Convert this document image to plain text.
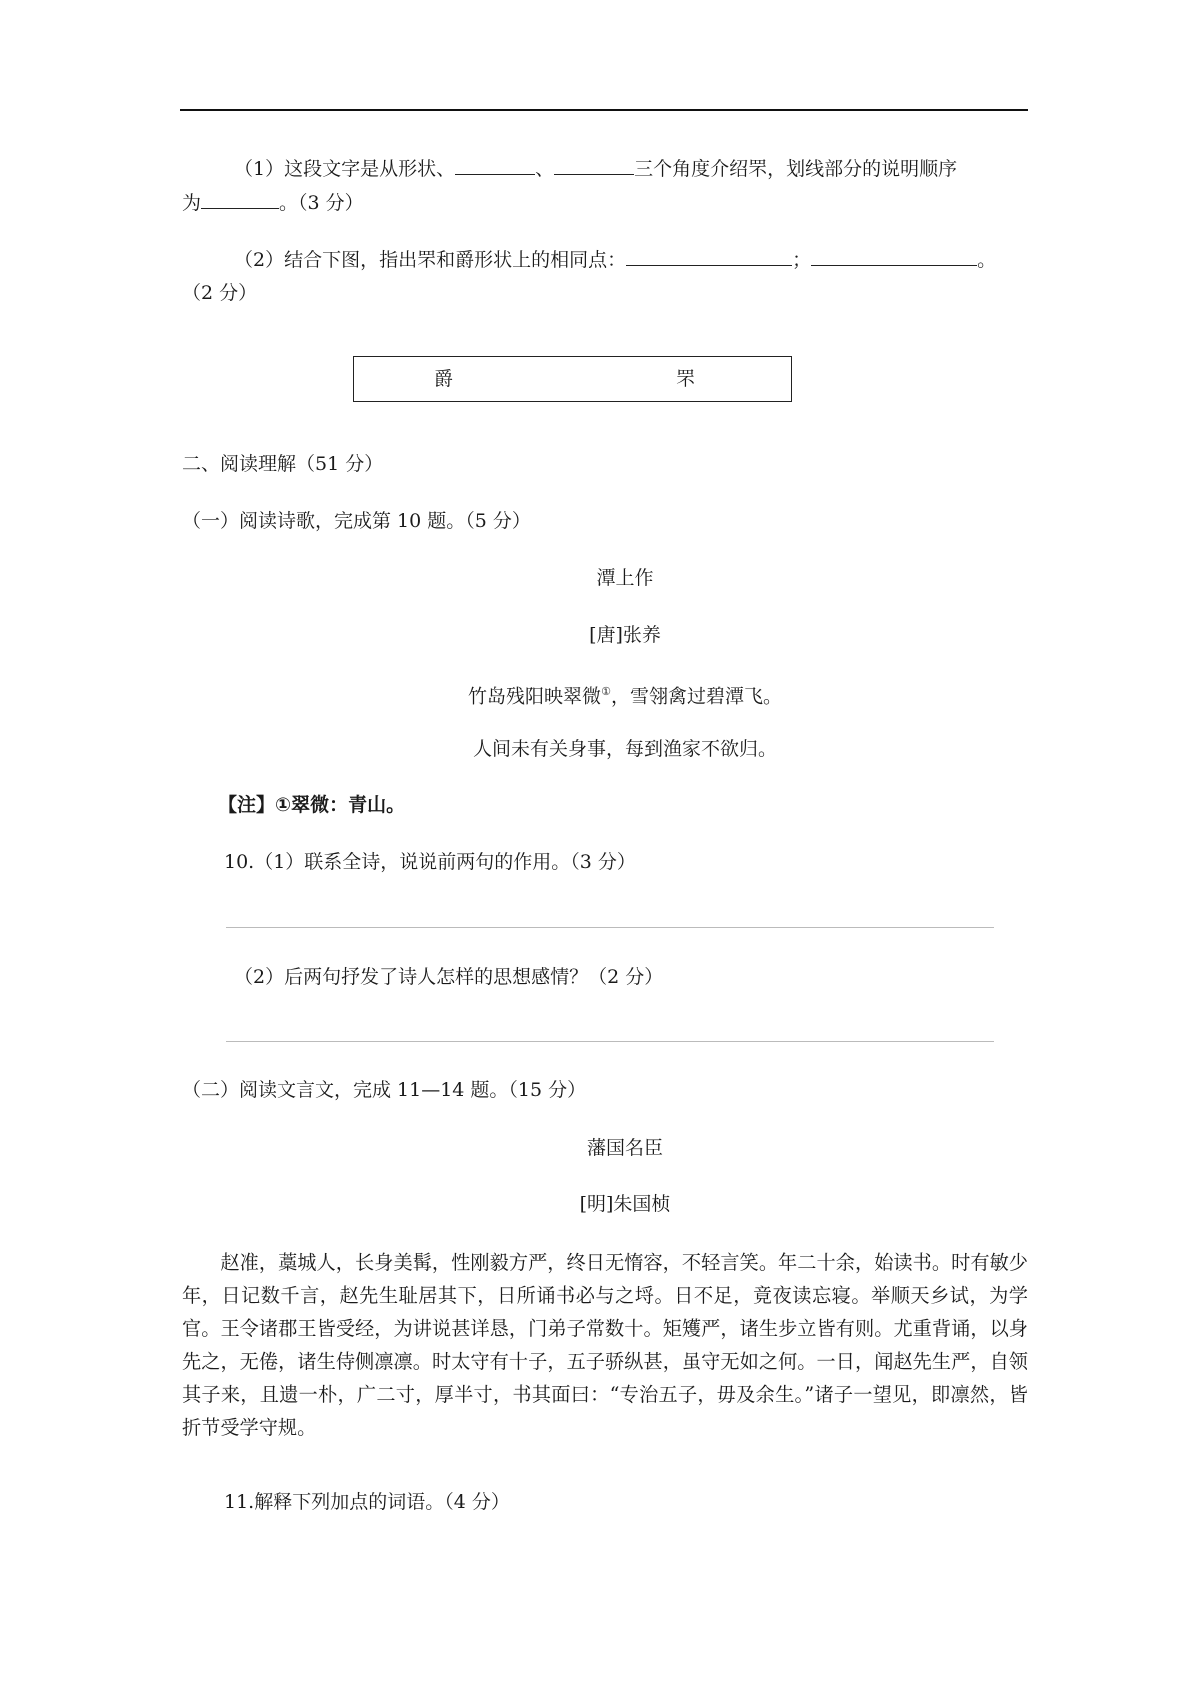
（1）这段文字是从形状、	、	三个角度介绍罘，划线部分的说明顺序
为	。（3 分）
（2）结合下图，指出罘和爵形状上的相同点：	；	。
（2 分）
爵	罘
二、阅读理解（51 分）
（一）阅读诗歌，完成第 10 题。（5 分）
潭上作
[唐]张养
竹岛残阳映翠微①，雪翎禽过碧潭飞。
人间未有关身事，每到渔家不欲归。
【注】①翠微：青山。
10.（1）联系全诗，说说前两句的作用。（3 分）
（2）后两句抒发了诗人怎样的思想感情？（2 分）
（二）阅读文言文，完成 11—14 题。（15 分）
藩国名臣
[明]朱国桢
赵准，藁城人，长身美髯，性刚毅方严，终日无惰容，不轻言笑。年二十余，始读书。时有敏少年，日记数千言，赵先生耻居其下，日所诵书必与之埒。日不足，竟夜读忘寝。举顺天乡试，为学官。王令诸郡王皆受经，为讲说甚详恳，门弟子常数十。矩矱严，诸生步立皆有则。尤重背诵，以身先之，无倦，诸生侍侧凛凛。时太守有十子，五子骄纵甚，虽守无如之何。一日，闻赵先生严，自领其子来，且遗一朴，广二寸，厚半寸，书其面曰：“专治五子，毋及余生。”诸子一望见，即凛然，皆折节受学守规。
11.解释下列加点的词语。（4 分）
